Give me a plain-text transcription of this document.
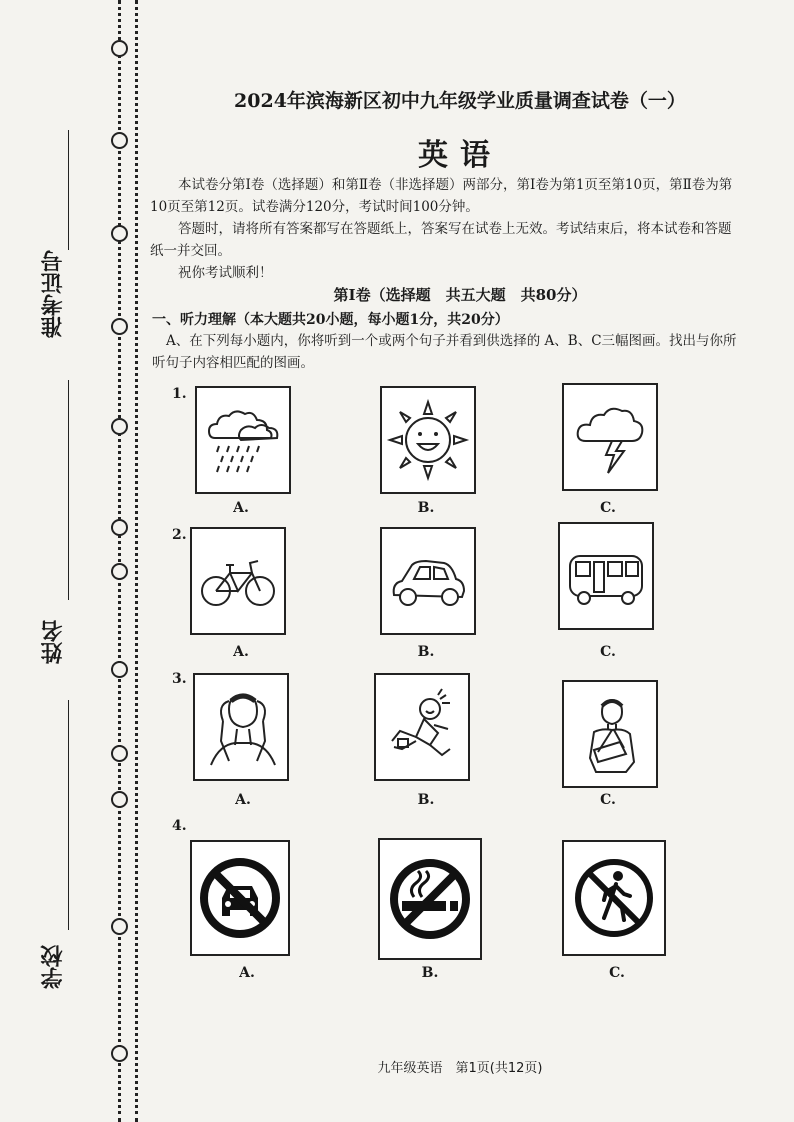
准考证号
姓名
学校
2024年滨海新区初中九年级学业质量调查试卷（一）
英语
本试卷分第Ⅰ卷（选择题）和第Ⅱ卷（非选择题）两部分，第Ⅰ卷为第1页至第10页，第Ⅱ卷为第10页至第12页。试卷满分120分，考试时间100分钟。
答题时，请将所有答案都写在答题纸上，答案写在试卷上无效。考试结束后，将本试卷和答题纸一并交回。
祝你考试顺利！
第Ⅰ卷（选择题　共五大题　共80分）
一、听力理解（本大题共20小题，每小题1分，共20分）
A、在下列每小题内，你将听到一个或两个句子并看到供选择的 A、B、C三幅图画。找出与你所听句子内容相匹配的图画。
1.
A.	B.	C.
2.
A.	B.	C.
3.
A.	B.	C.
4.
A.	B.	C.
九年级英语　第1页(共12页)
